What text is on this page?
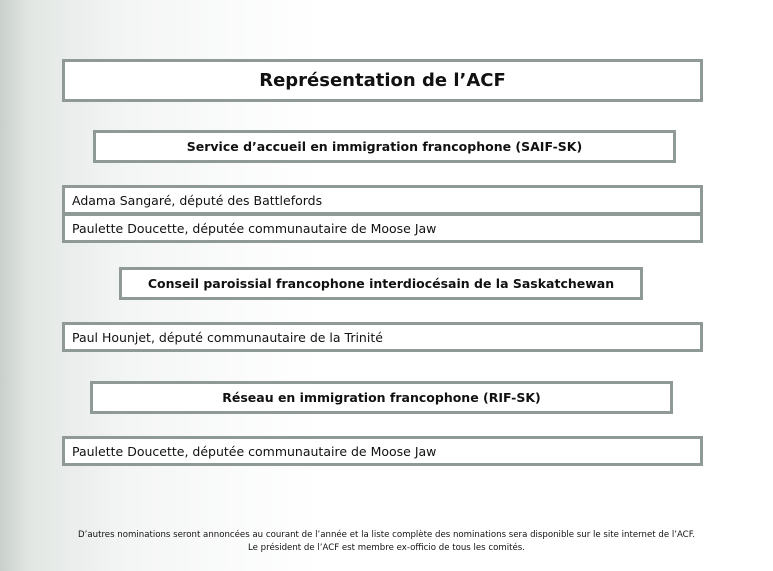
Représentation de l’ACF
Service d’accueil en immigration francophone (SAIF-SK)
Adama Sangaré, député des Battlefords
Paulette Doucette, députée communautaire de Moose Jaw
Conseil paroissial francophone interdiocésain de la Saskatchewan
Paul Hounjet, député communautaire de la Trinité
Réseau en immigration francophone (RIF-SK)
Paulette Doucette, députée communautaire de Moose Jaw
D’autres nominations seront annoncées au courant de l’année et la liste complète des nominations sera disponible sur le site internet de l’ACF.
Le président de l’ACF est membre ex-officio de tous les comités.
